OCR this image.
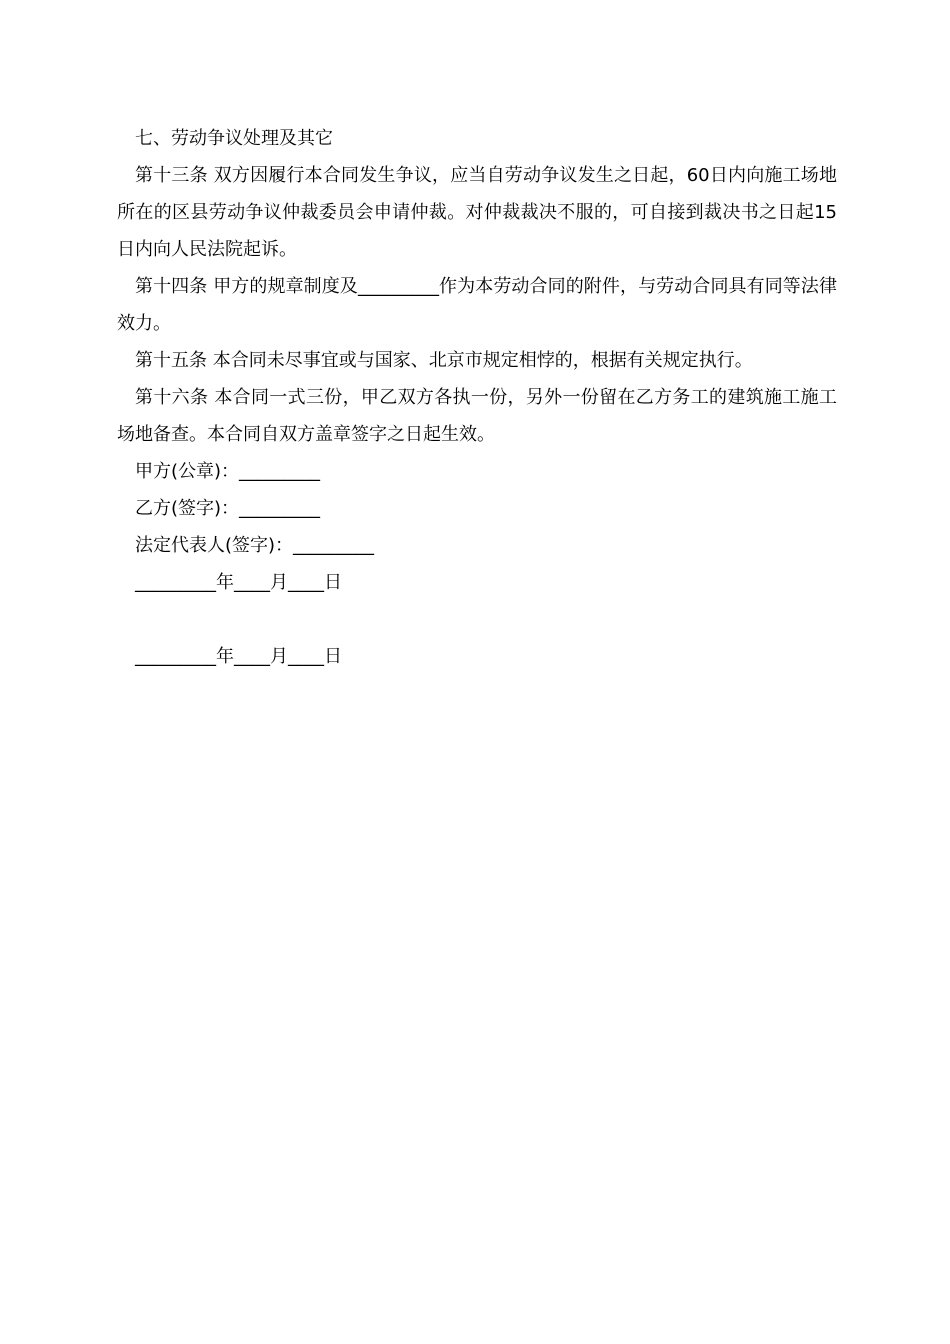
七、劳动争议处理及其它

第十三条 双方因履行本合同发生争议，应当自劳动争议发生之日起，60日内向施工场地所在的区县劳动争议仲裁委员会申请仲裁。对仲裁裁决不服的，可自接到裁决书之日起15日内向人民法院起诉。

第十四条 甲方的规章制度及_________作为本劳动合同的附件，与劳动合同具有同等法律效力。

第十五条 本合同未尽事宜或与国家、北京市规定相悖的，根据有关规定执行。

第十六条 本合同一式三份，甲乙双方各执一份，另外一份留在乙方务工的建筑施工施工场地备查。本合同自双方盖章签字之日起生效。

甲方(公章)：_________

乙方(签字)：_________

法定代表人(签字)：_________

_________年____月____日

_________年____月____日
